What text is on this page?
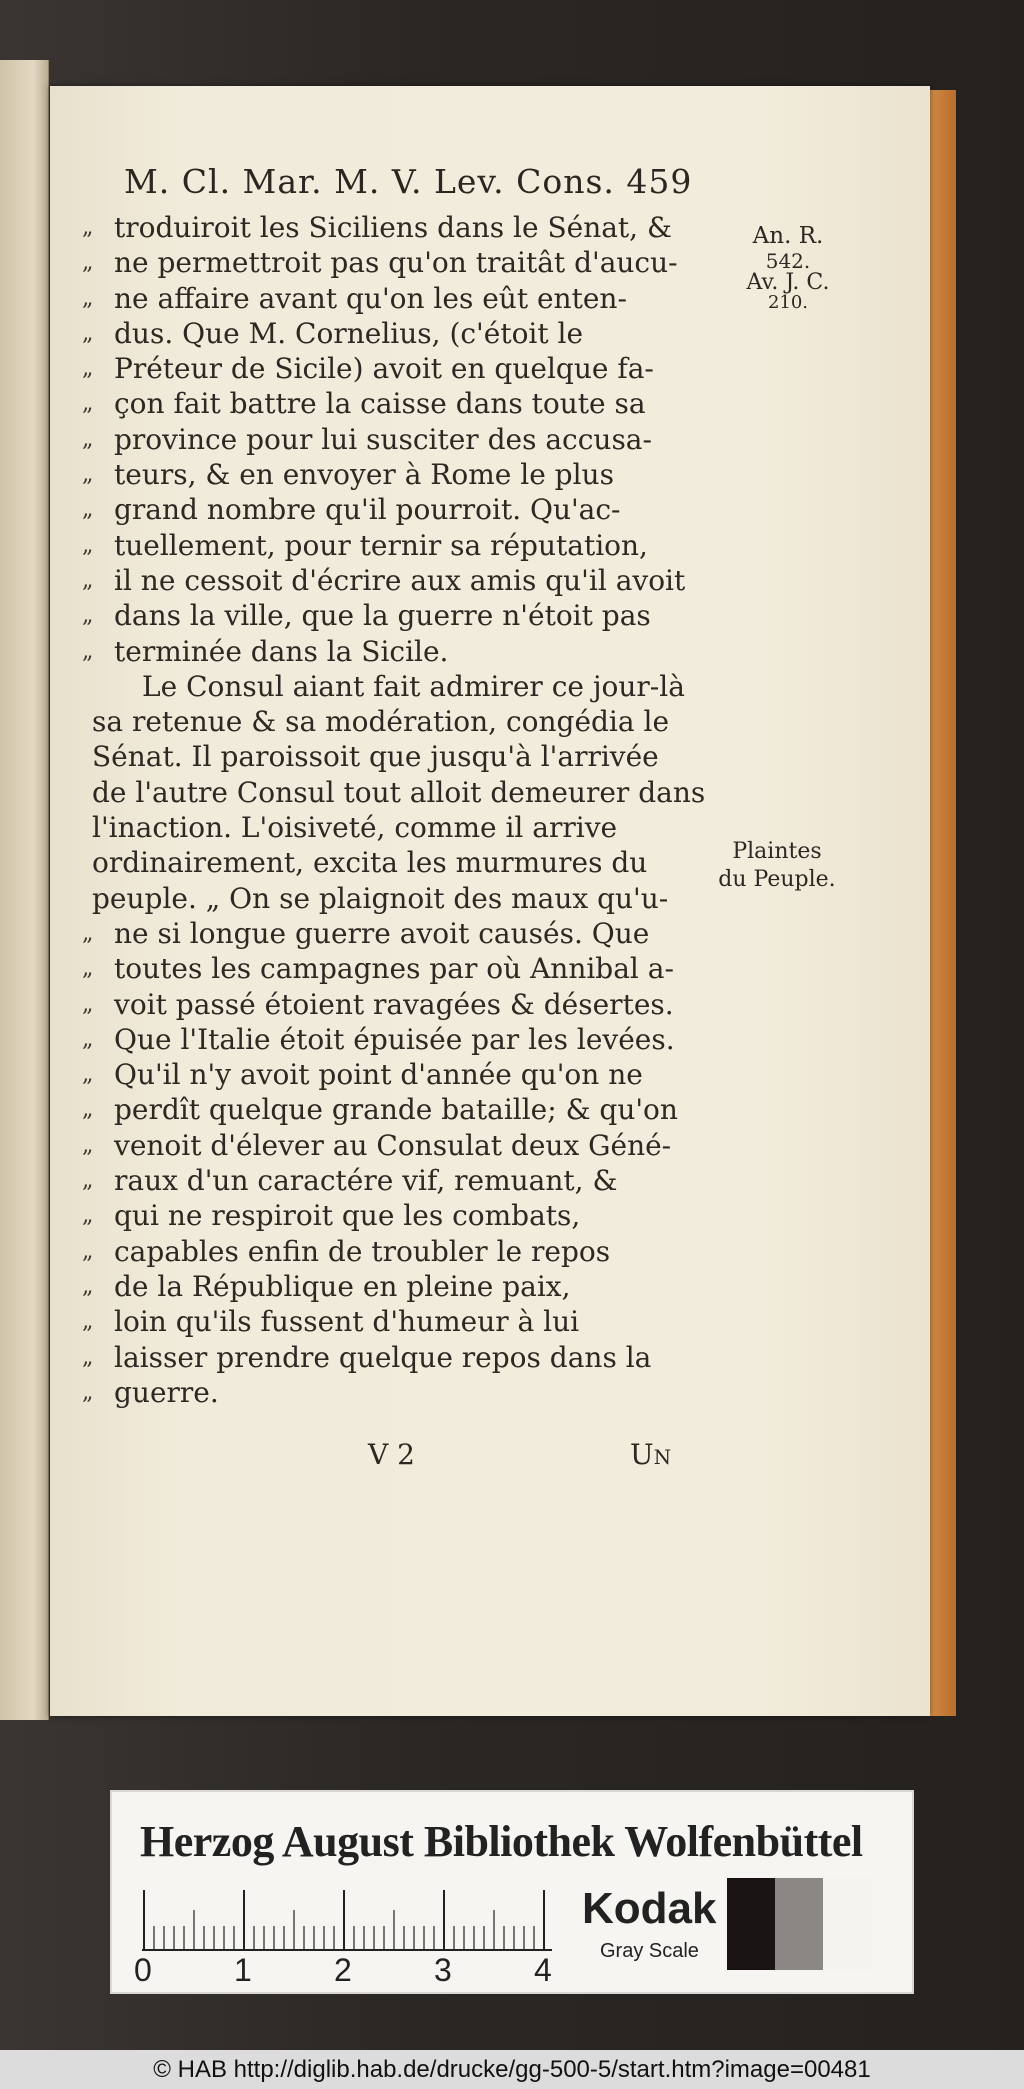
M. Cl. Mar. M. V. Lev. Cons. 459
An. R.
542.
Av. J. C.
210.
Plaintes
du Peuple.
„ troduiroit les Siciliens dans le Sénat, &
„ ne permettroit pas qu'on traitât d'aucu-
„ ne affaire avant qu'on les eût enten-
„ dus. Que M. Cornelius, (c'étoit le
„ Préteur de Sicile) avoit en quelque fa-
„ çon fait battre la caisse dans toute sa
„ province pour lui susciter des accusa-
„ teurs, & en envoyer à Rome le plus
„ grand nombre qu'il pourroit. Qu'ac-
„ tuellement, pour ternir sa réputation,
„ il ne cessoit d'écrire aux amis qu'il avoit
„ dans la ville, que la guerre n'étoit pas
„ terminée dans la Sicile.
Le Consul aiant fait admirer ce jour-là
sa retenue & sa modération, congédia le
Sénat. Il paroissoit que jusqu'à l'arrivée
de l'autre Consul tout alloit demeurer dans
l'inaction. L'oisiveté, comme il arrive
ordinairement, excita les murmures du
peuple. „ On se plaignoit des maux qu'u-
„ ne si longue guerre avoit causés. Que
„ toutes les campagnes par où Annibal a-
„ voit passé étoient ravagées & désertes.
„ Que l'Italie étoit épuisée par les levées.
„ Qu'il n'y avoit point d'année qu'on ne
„ perdît quelque grande bataille; & qu'on
„ venoit d'élever au Consulat deux Géné-
„ raux d'un caractére vif, remuant, &
„ qui ne respiroit que les combats,
„ capables enfin de troubler le repos
„ de la République en pleine paix,
„ loin qu'ils fussent d'humeur à lui
„ laisser prendre quelque repos dans la
„ guerre.
V 2	Un
Herzog August Bibliothek Wolfenbüttel
0	1	2	3	4
Kodak
Gray Scale
© HAB http://diglib.hab.de/drucke/gg-500-5/start.htm?image=00481
